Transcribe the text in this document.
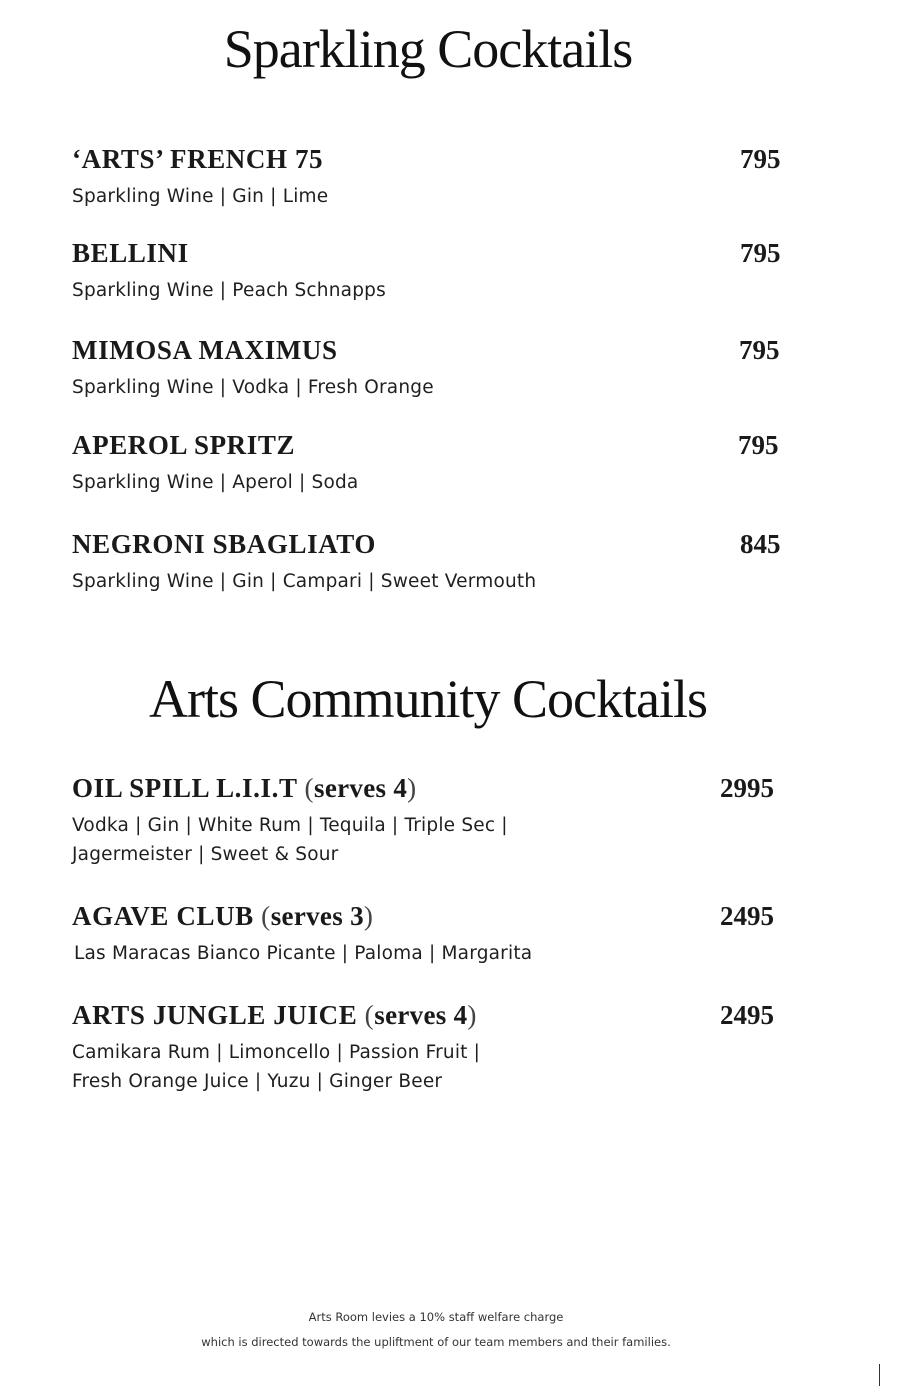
Sparkling Cocktails
‘ARTS’ FRENCH 75	795
Sparkling Wine | Gin | Lime
BELLINI	795
Sparkling Wine | Peach Schnapps
MIMOSA MAXIMUS	795
Sparkling Wine | Vodka | Fresh Orange
APEROL SPRITZ	795
Sparkling Wine | Aperol | Soda
NEGRONI SBAGLIATO	845
Sparkling Wine | Gin | Campari | Sweet Vermouth
Arts Community Cocktails
OIL SPILL L.I.I.T (serves 4)	2995
Vodka | Gin | White Rum | Tequila | Triple Sec |
Jagermeister | Sweet & Sour
AGAVE CLUB (serves 3)	2495
Las Maracas Bianco Picante | Paloma | Margarita
ARTS JUNGLE JUICE (serves 4)	2495
Camikara Rum | Limoncello | Passion Fruit |
Fresh Orange Juice | Yuzu | Ginger Beer
Arts Room levies a 10% staff welfare charge
which is directed towards the upliftment of our team members and their families.
